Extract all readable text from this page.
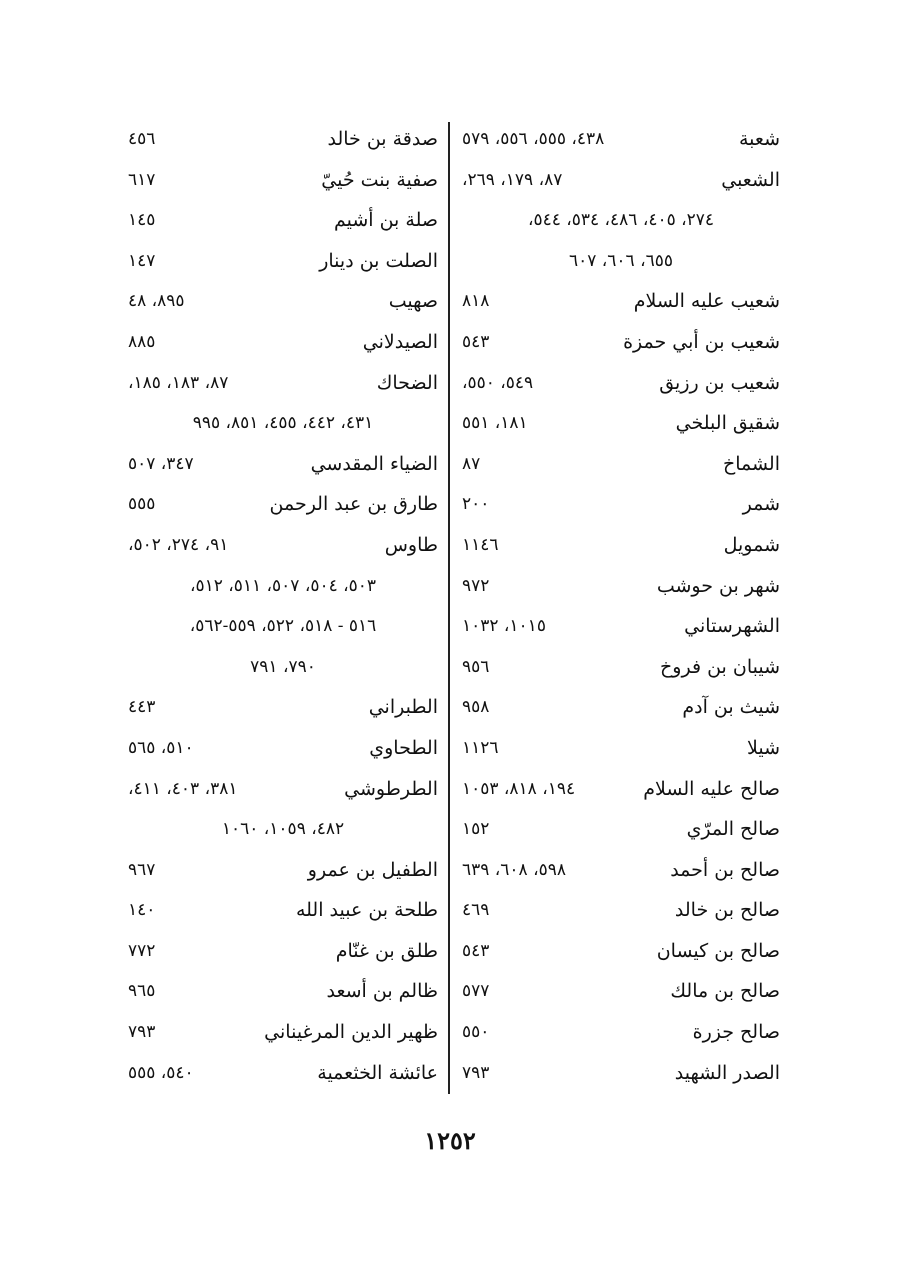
شعبة
٤٣٨، ٥٥٥، ٥٥٦، ٥٧٩
الشعبي
٨٧، ١٧٩، ٢٦٩،
٢٧٤، ٤٠٥، ٤٨٦، ٥٣٤، ٥٤٤،
٦٥٥، ٦٠٦، ٦٠٧
شعيب عليه السلام
٨١٨
شعيب بن أبي حمزة
٥٤٣
شعيب بن رزيق
٥٤٩، ٥٥٠،
شقيق البلخي
١٨١، ٥٥١
الشماخ
٨٧
شمر
٢٠٠
شمويل
١١٤٦
شهر بن حوشب
٩٧٢
الشهرستاني
١٠١٥، ١٠٣٢
شيبان بن فروخ
٩٥٦
شيث بن آدم
٩٥٨
شيلا
١١٢٦
صالح عليه السلام
١٩٤، ٨١٨، ١٠٥٣
صالح المرّي
١٥٢
صالح بن أحمد
٥٩٨، ٦٠٨، ٦٣٩
صالح بن خالد
٤٦٩
صالح بن كيسان
٥٤٣
صالح بن مالك
٥٧٧
صالح جزرة
٥٥٠
الصدر الشهيد
٧٩٣
صدقة بن خالد
٤٥٦
صفية بنت حُييّ
٦١٧
صلة بن أشيم
١٤٥
الصلت بن دينار
١٤٧
صهيب
٨٩٥، ٤٨
الصيدلاني
٨٨٥
الضحاك
٨٧، ١٨٣، ١٨٥،
٤٣١، ٤٤٢، ٤٥٥، ٨٥١، ٩٩٥
الضياء المقدسي
٣٤٧، ٥٠٧
طارق بن عبد الرحمن
٥٥٥
طاوس
٩١، ٢٧٤، ٥٠٢،
٥٠٣، ٥٠٤، ٥٠٧، ٥١١، ٥١٢،
٥١٦ - ٥١٨، ٥٢٢، ٥٥٩-٥٦٢،
٧٩٠، ٧٩١
الطبراني
٤٤٣
الطحاوي
٥١٠، ٥٦٥
الطرطوشي
٣٨١، ٤٠٣، ٤١١،
٤٨٢، ١٠٥٩، ١٠٦٠
الطفيل بن عمرو
٩٦٧
طلحة بن عبيد الله
١٤٠
طلق بن غنّام
٧٧٢
ظالم بن أسعد
٩٦٥
ظهير الدين المرغيناني
٧٩٣
عائشة الخثعمية
٥٤٠، ٥٥٥
١٢٥٢
